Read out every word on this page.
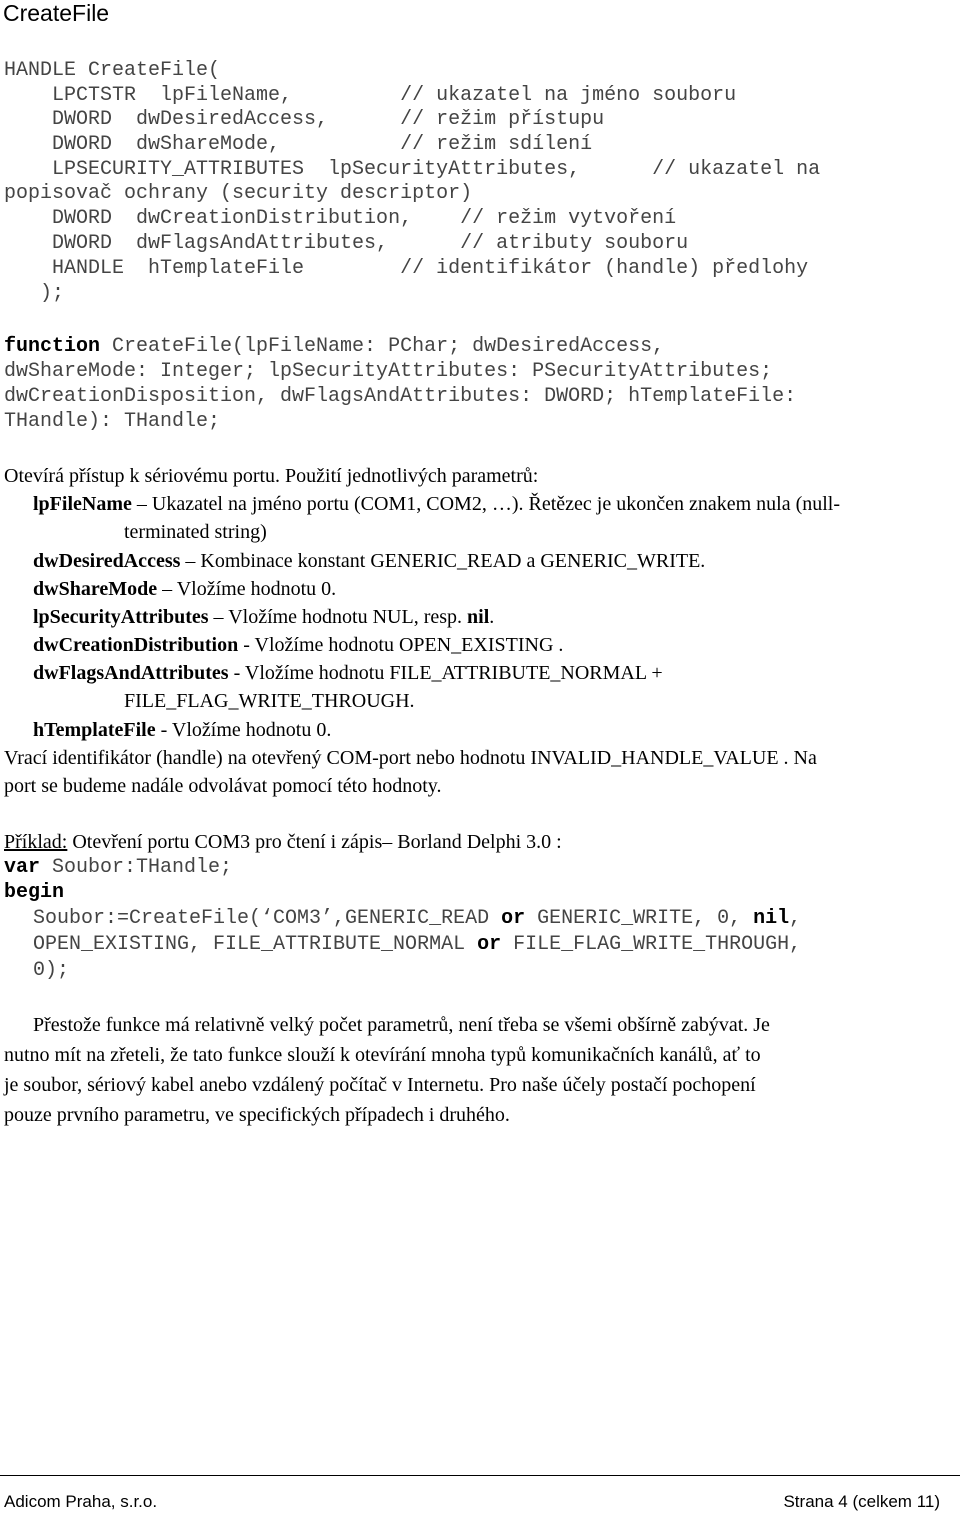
CreateFile
HANDLE CreateFile(
LPCTSTR  lpFileName,         // ukazatel na jméno souboru
DWORD  dwDesiredAccess,      // režim přístupu
DWORD  dwShareMode,          // režim sdílení
LPSECURITY_ATTRIBUTES  lpSecurityAttributes,      // ukazatel na
popisovač ochrany (security descriptor)
DWORD  dwCreationDistribution,    // režim vytvoření
DWORD  dwFlagsAndAttributes,      // atributy souboru
HANDLE  hTemplateFile        // identifikátor (handle) předlohy
);
function CreateFile(lpFileName: PChar; dwDesiredAccess,
dwShareMode: Integer; lpSecurityAttributes: PSecurityAttributes;
dwCreationDisposition, dwFlagsAndAttributes: DWORD; hTemplateFile:
THandle): THandle;
Otevírá přístup k sériovému portu. Použití jednotlivých parametrů:
lpFileName – Ukazatel na jméno portu (COM1, COM2, …). Řetězec je ukončen znakem nula (null-
terminated string)
dwDesiredAccess – Kombinace konstant GENERIC_READ a GENERIC_WRITE.
dwShareMode – Vložíme hodnotu 0.
lpSecurityAttributes – Vložíme hodnotu NUL, resp. nil.
dwCreationDistribution - Vložíme hodnotu OPEN_EXISTING .
dwFlagsAndAttributes - Vložíme hodnotu FILE_ATTRIBUTE_NORMAL +
FILE_FLAG_WRITE_THROUGH.
hTemplateFile - Vložíme hodnotu 0.
Vrací identifikátor (handle) na otevřený COM-port nebo hodnotu INVALID_HANDLE_VALUE . Na
port se budeme nadále odvolávat pomocí této hodnoty.
Příklad: Otevření portu COM3 pro čtení i zápis– Borland Delphi 3.0 :
var Soubor:THandle;
begin
Soubor:=CreateFile(‘COM3’,GENERIC_READ or GENERIC_WRITE, 0, nil,
OPEN_EXISTING, FILE_ATTRIBUTE_NORMAL or FILE_FLAG_WRITE_THROUGH,
0);
Přestože funkce má relativně velký počet parametrů, není třeba se všemi obšírně zabývat. Je
nutno mít na zřeteli, že tato funkce slouží k otevírání mnoha typů komunikačních kanálů, ať to
je soubor, sériový kabel anebo vzdálený počítač v Internetu. Pro naše účely postačí pochopení
pouze prvního parametru, ve specifických případech i druhého.
Adicom Praha, s.r.o.	Strana 4 (celkem 11)
